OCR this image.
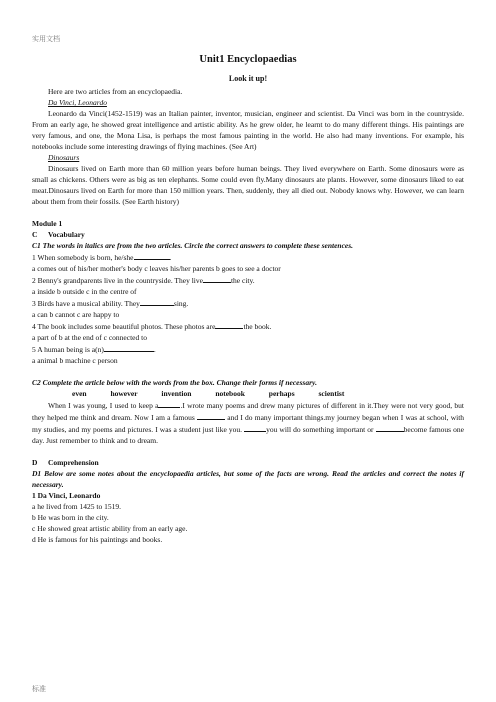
实用文档
Unit1 Encyclopaedias
Look it up!

Here are two articles from an encyclopaedia.

Da Vinci, Leonardo

Leonardo da Vinci(1452-1519) was an Italian painter, inventor, musician, engineer and scientist. Da Vinci was born in the countryside. From an early age, he showed great intelligence and artistic ability. As he grew older, he learnt to do many different things. His paintings are very famous, and one, the Mona Lisa, is perhaps the most famous painting in the world. He also had many inventions. For example, his notebooks include some interesting drawings of flying machines. (See Art)

Dinosaurs

Dinosaurs lived on Earth more than 60 million years before human beings. They lived everywhere on Earth. Some dinosaurs were as small as chickens. Others were as big as ten elephants. Some could even fly.Many dinosaurs ate plants. However, some dinosaurs liked to eat meat.Dinosaurs lived on Earth for more than 150 million years. Then, suddenly, they all died out. Nobody knows why. However, we can learn about them from their fossils. (See Earth history)

Module 1
C	Vocabulary

C1 The words in italics are from the two articles. Circle the correct answers to complete these sentences.

1 When somebody is born, he/she	.
a comes out of his/her mother's body c leaves his/her parents b goes to see a doctor
2 Benny's grandparents live in the countryside. They live	the city.
a inside b outside c in the centre of
3 Birds have a musical ability. They	sing.
a can b cannot c are happy to
4 The book includes some beautiful photos. These photos are	the book.
a part of b at the end of c connected to
5 A human being is a(n)	.
a animal b machine c person

C2 Complete the article below with the words from the box. Change their forms if necessary.

even	however	invention	notebook	perhaps	scientist

When I was young, I used to keep a	.I wrote many poems and drew many pictures of different in it.They were not very good, but they helped me think and dream. Now I am a famous	and I do many important things.my journey began when I was at school, with my studies, and my poems and pictures. I was a student just like you.	you will do something important or	become famous one day. Just remember to think and to dream.

D	Comprehension

D1 Below are some notes about the encyclopaedia articles, but some of the facts are wrong. Read the articles and correct the notes if necessary.

1 Da Vinci, Leonardo
a he lived from 1425 to 1519.
b He was born in the city.
c He showed great artistic ability from an early age.
d He is famous for his paintings and books.
标准
